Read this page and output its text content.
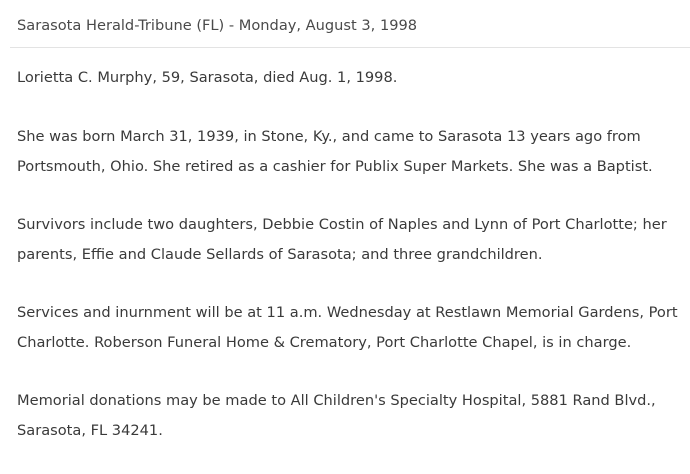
Sarasota Herald-Tribune (FL) - Monday, August 3, 1998

Lorietta C. Murphy, 59, Sarasota, died Aug. 1, 1998.

She was born March 31, 1939, in Stone, Ky., and came to Sarasota 13 years ago from
Portsmouth, Ohio. She retired as a cashier for Publix Super Markets. She was a Baptist.

Survivors include two daughters, Debbie Costin of Naples and Lynn of Port Charlotte; her
parents, Effie and Claude Sellards of Sarasota; and three grandchildren.

Services and inurnment will be at 11 a.m. Wednesday at Restlawn Memorial Gardens, Port
Charlotte. Roberson Funeral Home & Crematory, Port Charlotte Chapel, is in charge.

Memorial donations may be made to All Children's Specialty Hospital, 5881 Rand Blvd.,
Sarasota, FL 34241.
